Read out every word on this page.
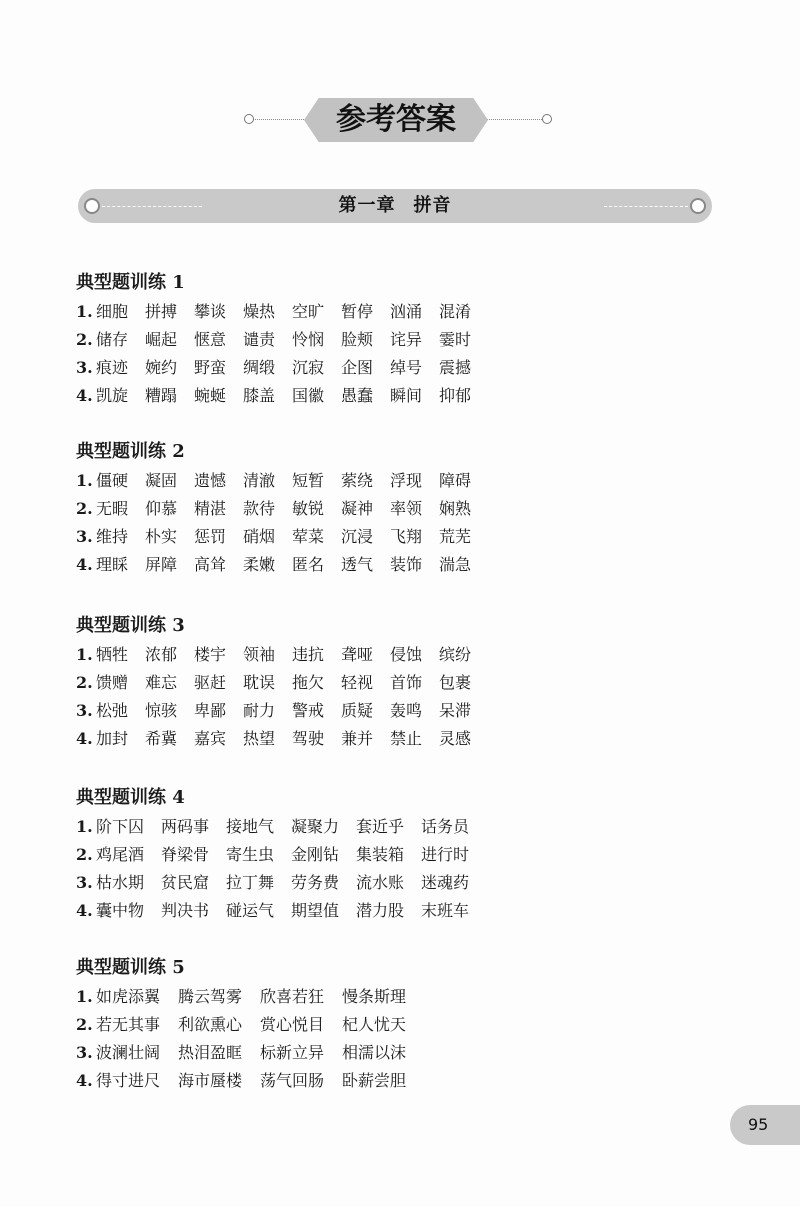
参考答案
第一章 拼音
典型题训练 1
1. 细胞 拼搏 攀谈 燥热 空旷 暂停 汹涌 混淆
2. 储存 崛起 惬意 谴责 怜悯 脸颊 诧异 霎时
3. 痕迹 婉约 野蛮 绸缎 沉寂 企图 绰号 震撼
4. 凯旋 糟蹋 蜿蜒 膝盖 国徽 愚蠢 瞬间 抑郁
典型题训练 2
1. 僵硬 凝固 遗憾 清澈 短暂 萦绕 浮现 障碍
2. 无暇 仰慕 精湛 款待 敏锐 凝神 率领 娴熟
3. 维持 朴实 惩罚 硝烟 荤菜 沉浸 飞翔 荒芜
4. 理睬 屏障 高耸 柔嫩 匿名 透气 装饰 湍急
典型题训练 3
1. 牺牲 浓郁 楼宇 领袖 违抗 聋哑 侵蚀 缤纷
2. 馈赠 难忘 驱赶 耽误 拖欠 轻视 首饰 包裹
3. 松弛 惊骇 卑鄙 耐力 警戒 质疑 轰鸣 呆滞
4. 加封 希冀 嘉宾 热望 驾驶 兼并 禁止 灵感
典型题训练 4
1. 阶下囚 两码事 接地气 凝聚力 套近乎 话务员
2. 鸡尾酒 脊梁骨 寄生虫 金刚钻 集装箱 进行时
3. 枯水期 贫民窟 拉丁舞 劳务费 流水账 迷魂药
4. 囊中物 判决书 碰运气 期望值 潜力股 末班车
典型题训练 5
1. 如虎添翼 腾云驾雾 欣喜若狂 慢条斯理
2. 若无其事 利欲熏心 赏心悦目 杞人忧天
3. 波澜壮阔 热泪盈眶 标新立异 相濡以沫
4. 得寸进尺 海市蜃楼 荡气回肠 卧薪尝胆
95
